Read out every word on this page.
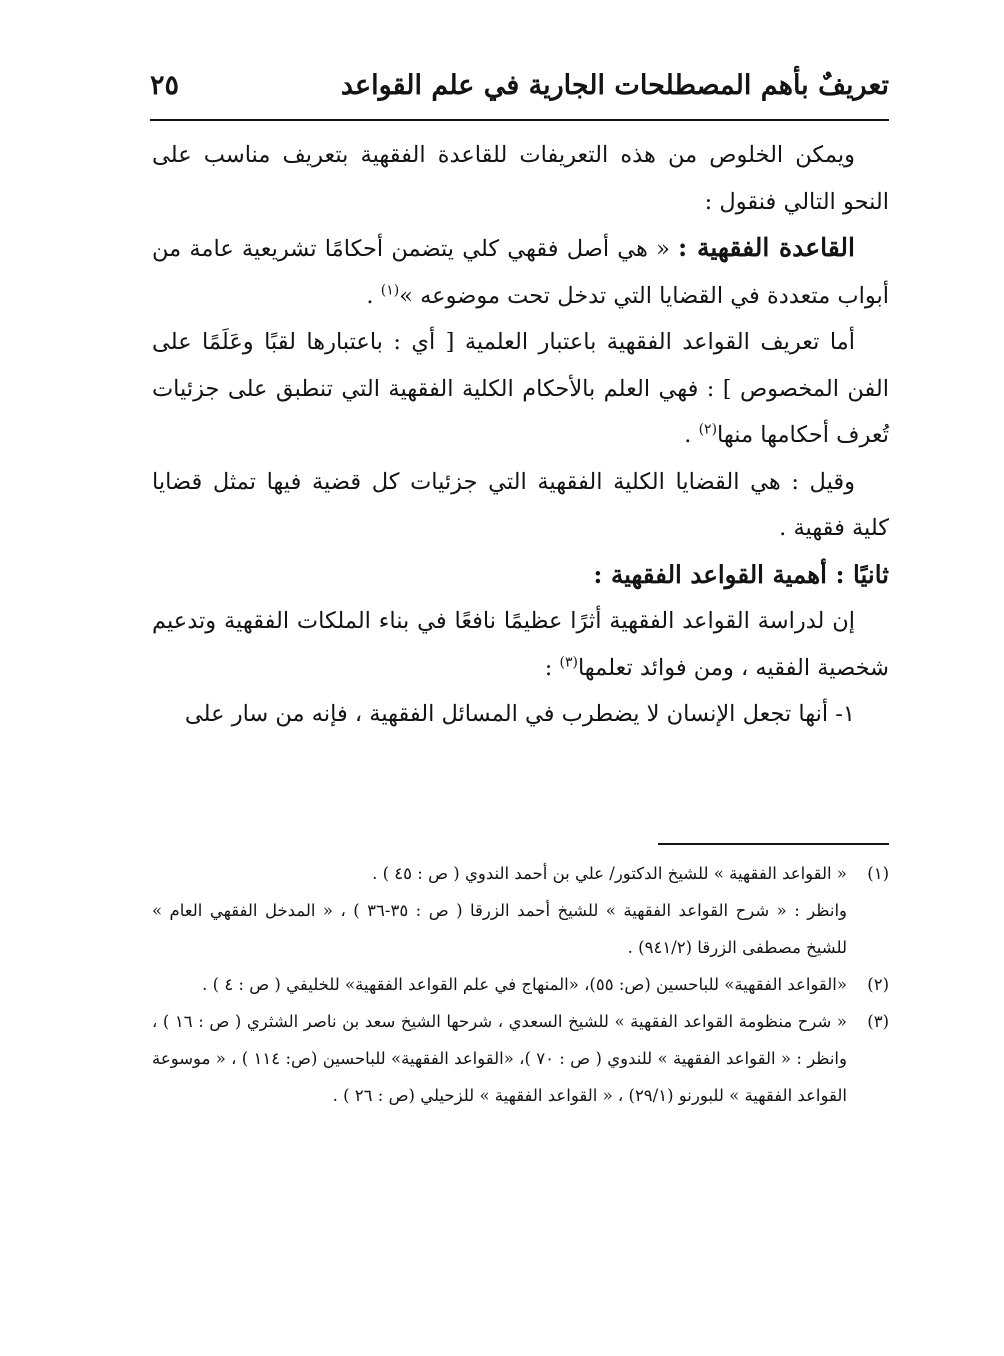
تعريفٌ بأهم المصطلحات الجارية في علم القواعد
٢٥

ويمكن الخلوص من هذه التعريفات للقاعدة الفقهية بتعريف مناسب على النحو التالي فنقول :

القاعدة الفقهية : « هي أصل فقهي كلي يتضمن أحكامًا تشريعية عامة من أبواب متعددة في القضايا التي تدخل تحت موضوعه »$^{(١)}$ .

أما تعريف القواعد الفقهية باعتبار العلمية [ أي : باعتبارها لقبًا وعَلَمًا على الفن المخصوص ] : فهي العلم بالأحكام الكلية الفقهية التي تنطبق على جزئيات تُعرف أحكامها منها$^{(٢)}$ .

وقيل : هي القضايا الكلية الفقهية التي جزئيات كل قضية فيها تمثل قضايا كلية فقهية .

ثانيًا : أهمية القواعد الفقهية :

إن لدراسة القواعد الفقهية أثرًا عظيمًا نافعًا في بناء الملكات الفقهية وتدعيم شخصية الفقيه ، ومن فوائد تعلمها$^{(٣)}$ :

١- أنها تجعل الإنسان لا يضطرب في المسائل الفقهية ، فإنه من سار على

(١)
« القواعد الفقهية » للشيخ الدكتور/ علي بن أحمد الندوي ( ص : ٤٥ ) .
وانظر : « شرح القواعد الفقهية » للشيخ أحمد الزرقا ( ص : ٣٥-٣٦ ) ، « المدخل الفقهي العام » للشيخ مصطفى الزرقا (٩٤١/٢) .
(٢)
«القواعد الفقهية» للباحسين (ص: ٥٥)، «المنهاج في علم القواعد الفقهية» للخليفي ( ص : ٤ ) .
(٣)
« شرح منظومة القواعد الفقهية » للشيخ السعدي ، شرحها الشيخ سعد بن ناصر الشثري ( ص : ١٦ ) ، وانظر : « القواعد الفقهية » للندوي ( ص : ٧٠ )، «القواعد الفقهية» للباحسين (ص: ١١٤ ) ، « موسوعة القواعد الفقهية » للبورنو (٢٩/١) ، « القواعد الفقهية » للزحيلي (ص : ٢٦ ) .
